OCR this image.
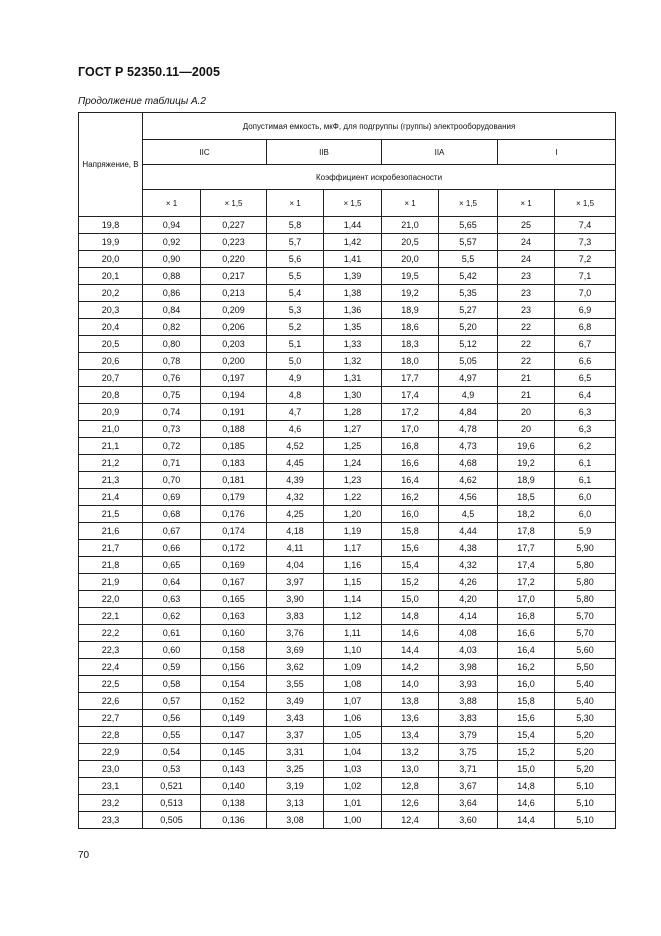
ГОСТ Р 52350.11—2005
Продолжение таблицы А.2
Напряжение, В	Допустимая емкость, мкФ, для подгруппы (группы) электрооборудования							
	IIC		IIB		IIA		I	
	Коэффициент искробезопасности							
	× 1	× 1,5	× 1	× 1,5	× 1	× 1,5	× 1	× 1,5
19,8	0,94	0,227	5,8	1,44	21,0	5,65	25	7,4
19,9	0,92	0,223	5,7	1,42	20,5	5,57	24	7,3
20,0	0,90	0,220	5,6	1,41	20,0	5,5	24	7,2
20,1	0,88	0,217	5,5	1,39	19,5	5,42	23	7,1
20,2	0,86	0,213	5,4	1,38	19,2	5,35	23	7,0
20,3	0,84	0,209	5,3	1,36	18,9	5,27	23	6,9
20,4	0,82	0,206	5,2	1,35	18,6	5,20	22	6,8
20,5	0,80	0,203	5,1	1,33	18,3	5,12	22	6,7
20,6	0,78	0,200	5,0	1,32	18,0	5,05	22	6,6
20,7	0,76	0,197	4,9	1,31	17,7	4,97	21	6,5
20,8	0,75	0,194	4,8	1,30	17,4	4,9	21	6,4
20,9	0,74	0,191	4,7	1,28	17,2	4,84	20	6,3
21,0	0,73	0,188	4,6	1,27	17,0	4,78	20	6,3
21,1	0,72	0,185	4,52	1,25	16,8	4,73	19,6	6,2
21,2	0,71	0,183	4,45	1,24	16,6	4,68	19,2	6,1
21,3	0,70	0,181	4,39	1,23	16,4	4,62	18,9	6,1
21,4	0,69	0,179	4,32	1,22	16,2	4,56	18,5	6,0
21,5	0,68	0,176	4,25	1,20	16,0	4,5	18,2	6,0
21,6	0,67	0,174	4,18	1,19	15,8	4,44	17,8	5,9
21,7	0,66	0,172	4,11	1,17	15,6	4,38	17,7	5,90
21,8	0,65	0,169	4,04	1,16	15,4	4,32	17,4	5,80
21,9	0,64	0,167	3,97	1,15	15,2	4,26	17,2	5,80
22,0	0,63	0,165	3,90	1,14	15,0	4,20	17,0	5,80
22,1	0,62	0,163	3,83	1,12	14,8	4,14	16,8	5,70
22,2	0,61	0,160	3,76	1,11	14,6	4,08	16,6	5,70
22,3	0,60	0,158	3,69	1,10	14,4	4,03	16,4	5,60
22,4	0,59	0,156	3,62	1,09	14,2	3,98	16,2	5,50
22,5	0,58	0,154	3,55	1,08	14,0	3,93	16,0	5,40
22,6	0,57	0,152	3,49	1,07	13,8	3,88	15,8	5,40
22,7	0,56	0,149	3,43	1,06	13,6	3,83	15,6	5,30
22,8	0,55	0,147	3,37	1,05	13,4	3,79	15,4	5,20
22,9	0,54	0,145	3,31	1,04	13,2	3,75	15,2	5,20
23,0	0,53	0,143	3,25	1,03	13,0	3,71	15,0	5,20
23,1	0,521	0,140	3,19	1,02	12,8	3,67	14,8	5,10
23,2	0,513	0,138	3,13	1,01	12,6	3,64	14,6	5,10
23,3	0,505	0,136	3,08	1,00	12,4	3,60	14,4	5,10
70
